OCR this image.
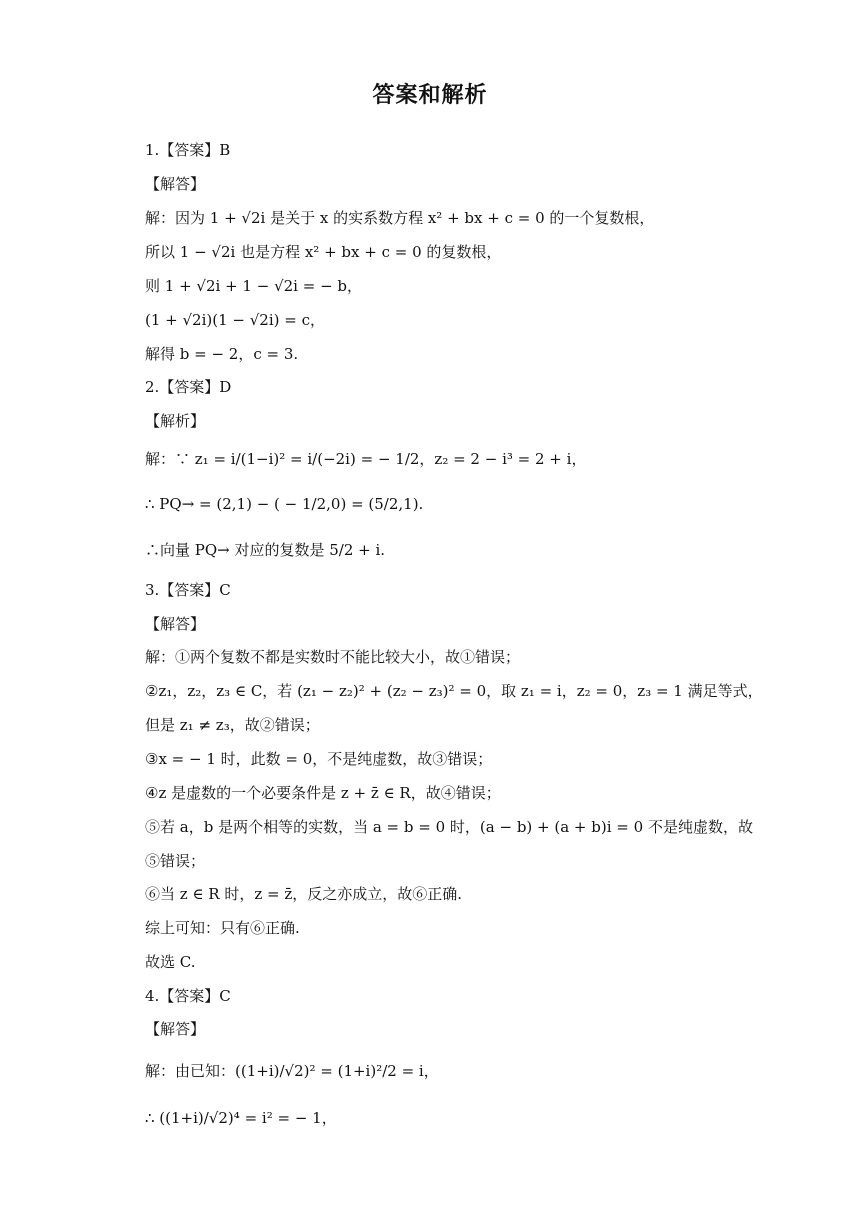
答案和解析
1.【答案】B
【解答】
解：因为 1 + √2i 是关于 x 的实系数方程 x² + bx + c = 0 的一个复数根，
所以 1 − √2i 也是方程 x² + bx + c = 0 的复数根，
则 1 + √2i + 1 − √2i = − b，
(1 + √2i)(1 − √2i) = c，
解得 b = − 2，c = 3.
2.【答案】D
【解析】
解：∵ z₁ = i/(1−i)² = i/(−2i) = − 1/2，z₂ = 2 − i³ = 2 + i，
∴ PQ→ = (2,1) − ( − 1/2,0) = (5/2,1).
∴向量 PQ→ 对应的复数是 5/2 + i.
3.【答案】C
【解答】
解：①两个复数不都是实数时不能比较大小，故①错误；
②z₁，z₂，z₃ ∈ C，若 (z₁ − z₂)² + (z₂ − z₃)² = 0，取 z₁ = i，z₂ = 0，z₃ = 1 满足等式，
但是 z₁ ≠ z₃，故②错误；
③x = − 1 时，此数 = 0，不是纯虚数，故③错误；
④z 是虚数的一个必要条件是 z + z̄ ∈ R，故④错误；
⑤若 a，b 是两个相等的实数，当 a = b = 0 时，(a − b) + (a + b)i = 0 不是纯虚数，故
⑤错误；
⑥当 z ∈ R 时，z = z̄，反之亦成立，故⑥正确.
综上可知：只有⑥正确.
故选 C.
4.【答案】C
【解答】
解：由已知：((1+i)/√2)² = (1+i)²/2 = i，
∴ ((1+i)/√2)⁴ = i² = − 1，
